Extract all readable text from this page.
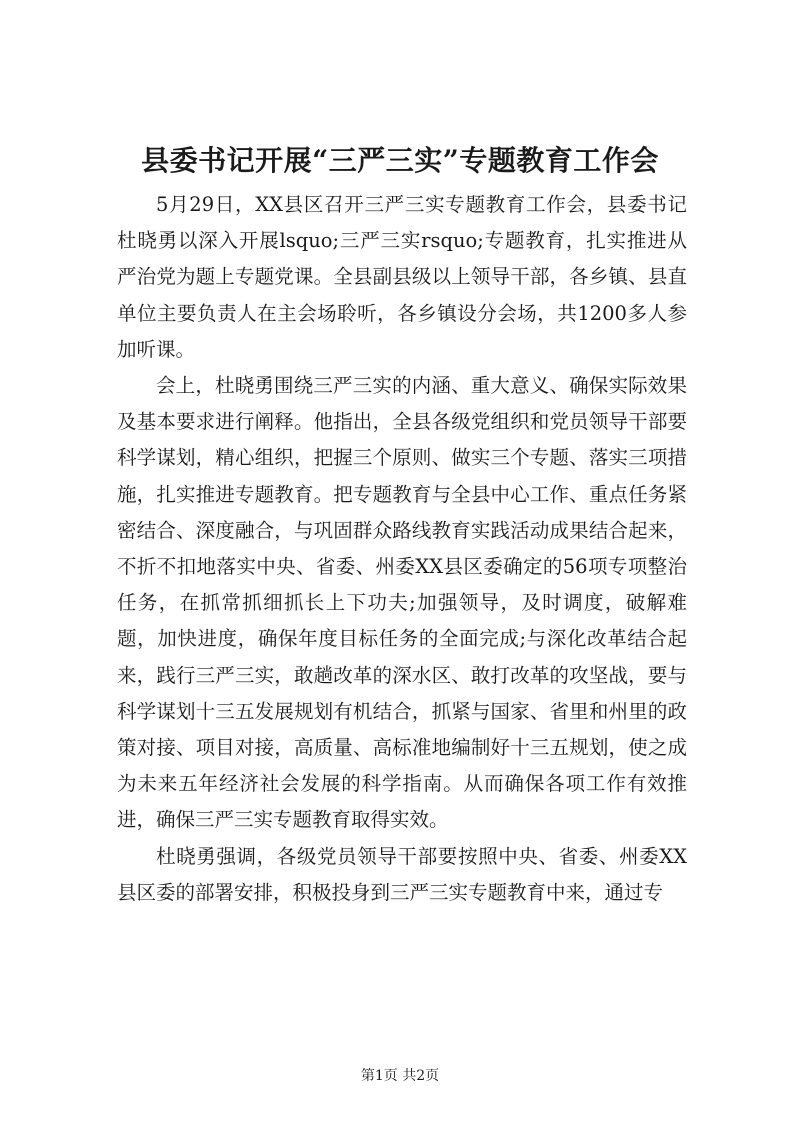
县委书记开展“三严三实”专题教育工作会

5月29日，XX县区召开三严三实专题教育工作会，县委书记杜晓勇以深入开展lsquo;三严三实rsquo;专题教育，扎实推进从严治党为题上专题党课。全县副县级以上领导干部，各乡镇、县直单位主要负责人在主会场聆听，各乡镇设分会场，共1200多人参加听课。

会上，杜晓勇围绕三严三实的内涵、重大意义、确保实际效果及基本要求进行阐释。他指出，全县各级党组织和党员领导干部要科学谋划，精心组织，把握三个原则、做实三个专题、落实三项措施，扎实推进专题教育。把专题教育与全县中心工作、重点任务紧密结合、深度融合，与巩固群众路线教育实践活动成果结合起来，不折不扣地落实中央、省委、州委XX县区委确定的56项专项整治任务，在抓常抓细抓长上下功夫;加强领导，及时调度，破解难题，加快进度，确保年度目标任务的全面完成;与深化改革结合起来，践行三严三实，敢趟改革的深水区、敢打改革的攻坚战，要与科学谋划十三五发展规划有机结合，抓紧与国家、省里和州里的政策对接、项目对接，高质量、高标准地编制好十三五规划，使之成为未来五年经济社会发展的科学指南。从而确保各项工作有效推进，确保三严三实专题教育取得实效。

杜晓勇强调，各级党员领导干部要按照中央、省委、州委XX县区委的部署安排，积极投身到三严三实专题教育中来，通过专

第1页 共2页
